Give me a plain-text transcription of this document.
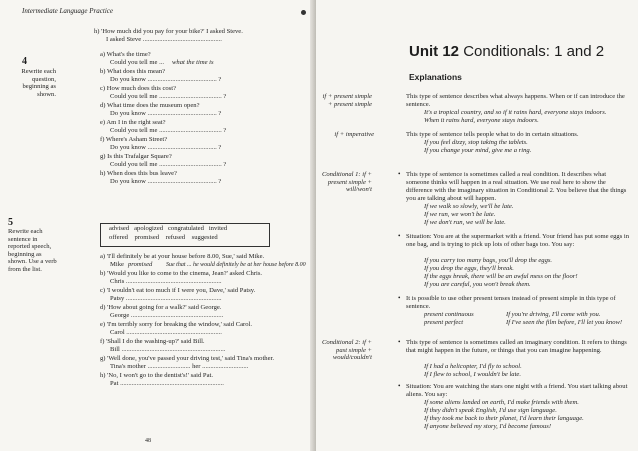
Intermediate Language Practice
4
Rewrite each question, beginning as shown.
h) 'How much did you pay for your bike?' I asked Steve.
I asked Steve ................................................
a) What's the time?
Could you tell me ...
b) What does this mean?
Do you know .......................................... ?
c) How much does this cost?
Could you tell me ...................................... ?
d) What time does the museum open?
Do you know .......................................... ?
e) Am I in the right seat?
Could you tell me ...................................... ?
f) Where's Asham Street?
Do you know .......................................... ?
g) Is this Trafalgar Square?
Could you tell me ...................................... ?
h) When does this bus leave?
Do you know .......................................... ?
what the time is
5
Rewrite each sentence in reported speech, beginning as shown. Use a verb from the list.
advised apologized congratulated invited
offered promised refused suggested
a) 'I'll definitely be at your house before 8.00, Sue,' said Mike.
Mike
b) 'Would you like to come to the cinema, Jean?' asked Chris.
Chris ..........................................................
c) 'I wouldn't eat too much if I were you, Dave,' said Patsy.
Patsy ..........................................................
d) 'How about going for a walk?' said George.
George ........................................................
e) 'I'm terribly sorry for breaking the window,' said Carol.
Carol ..........................................................
f) 'Shall I do the washing-up?' said Bill.
Bill ...............................................................
g) 'Well done, you've passed your driving test,' said Tina's mother.
Tina's mother .......................... her ............................
h) 'No, I won't go to the dentist's!' said Pat.
Pat ...............................................................
promised Sue that ... he would definitely be at her house before 8.00
48
Unit 12 Conditionals: 1 and 2
Explanations
if + present simple + present simple
This type of sentence describes what always happens. When or if can introduce the sentence.
It's a tropical country, and so if it rains hard, everyone stays indoors.
When it rains hard, everyone stays indoors.
if + imperative	This type of sentence tells people what to do in certain situations.
If you feel dizzy, stop taking the tablets.
If you change your mind, give me a ring.
Conditional 1: if + present simple + will/won't
• This type of sentence is sometimes called a real condition. It describes what someone thinks will happen in a real situation. We use real here to show the difference with the imaginary situation in Conditional 2. You believe that the things you are talking about will happen.
If we walk so slowly, we'll be late.
If we run, we won't be late.
If we don't run, we will be late.
• Situation: You are at the supermarket with a friend. Your friend has put some eggs in one bag, and is trying to pick up lots of other bags too. You say:
If you carry too many bags, you'll drop the eggs.
If you drop the eggs, they'll break.
If the eggs break, there will be an awful mess on the floor!
If you are careful, you won't break them.
• It is possible to use other present tenses instead of present simple in this type of sentence.
present continuous	If you're driving, I'll come with you.
present perfect	If I've seen the film before, I'll let you know!
Conditional 2: if + past simple + would/couldn't
• This type of sentence is sometimes called an imaginary condition. It refers to things that might happen in the future, or things that you can imagine happening.
If I had a helicopter, I'd fly to school.
If I flew to school, I wouldn't be late.
• Situation: You are watching the stars one night with a friend. You start talking about aliens. You say:
If some aliens landed on earth, I'd make friends with them.
If they didn't speak English, I'd use sign language.
If they took me back to their planet, I'd learn their language.
If anyone believed my story, I'd become famous!
